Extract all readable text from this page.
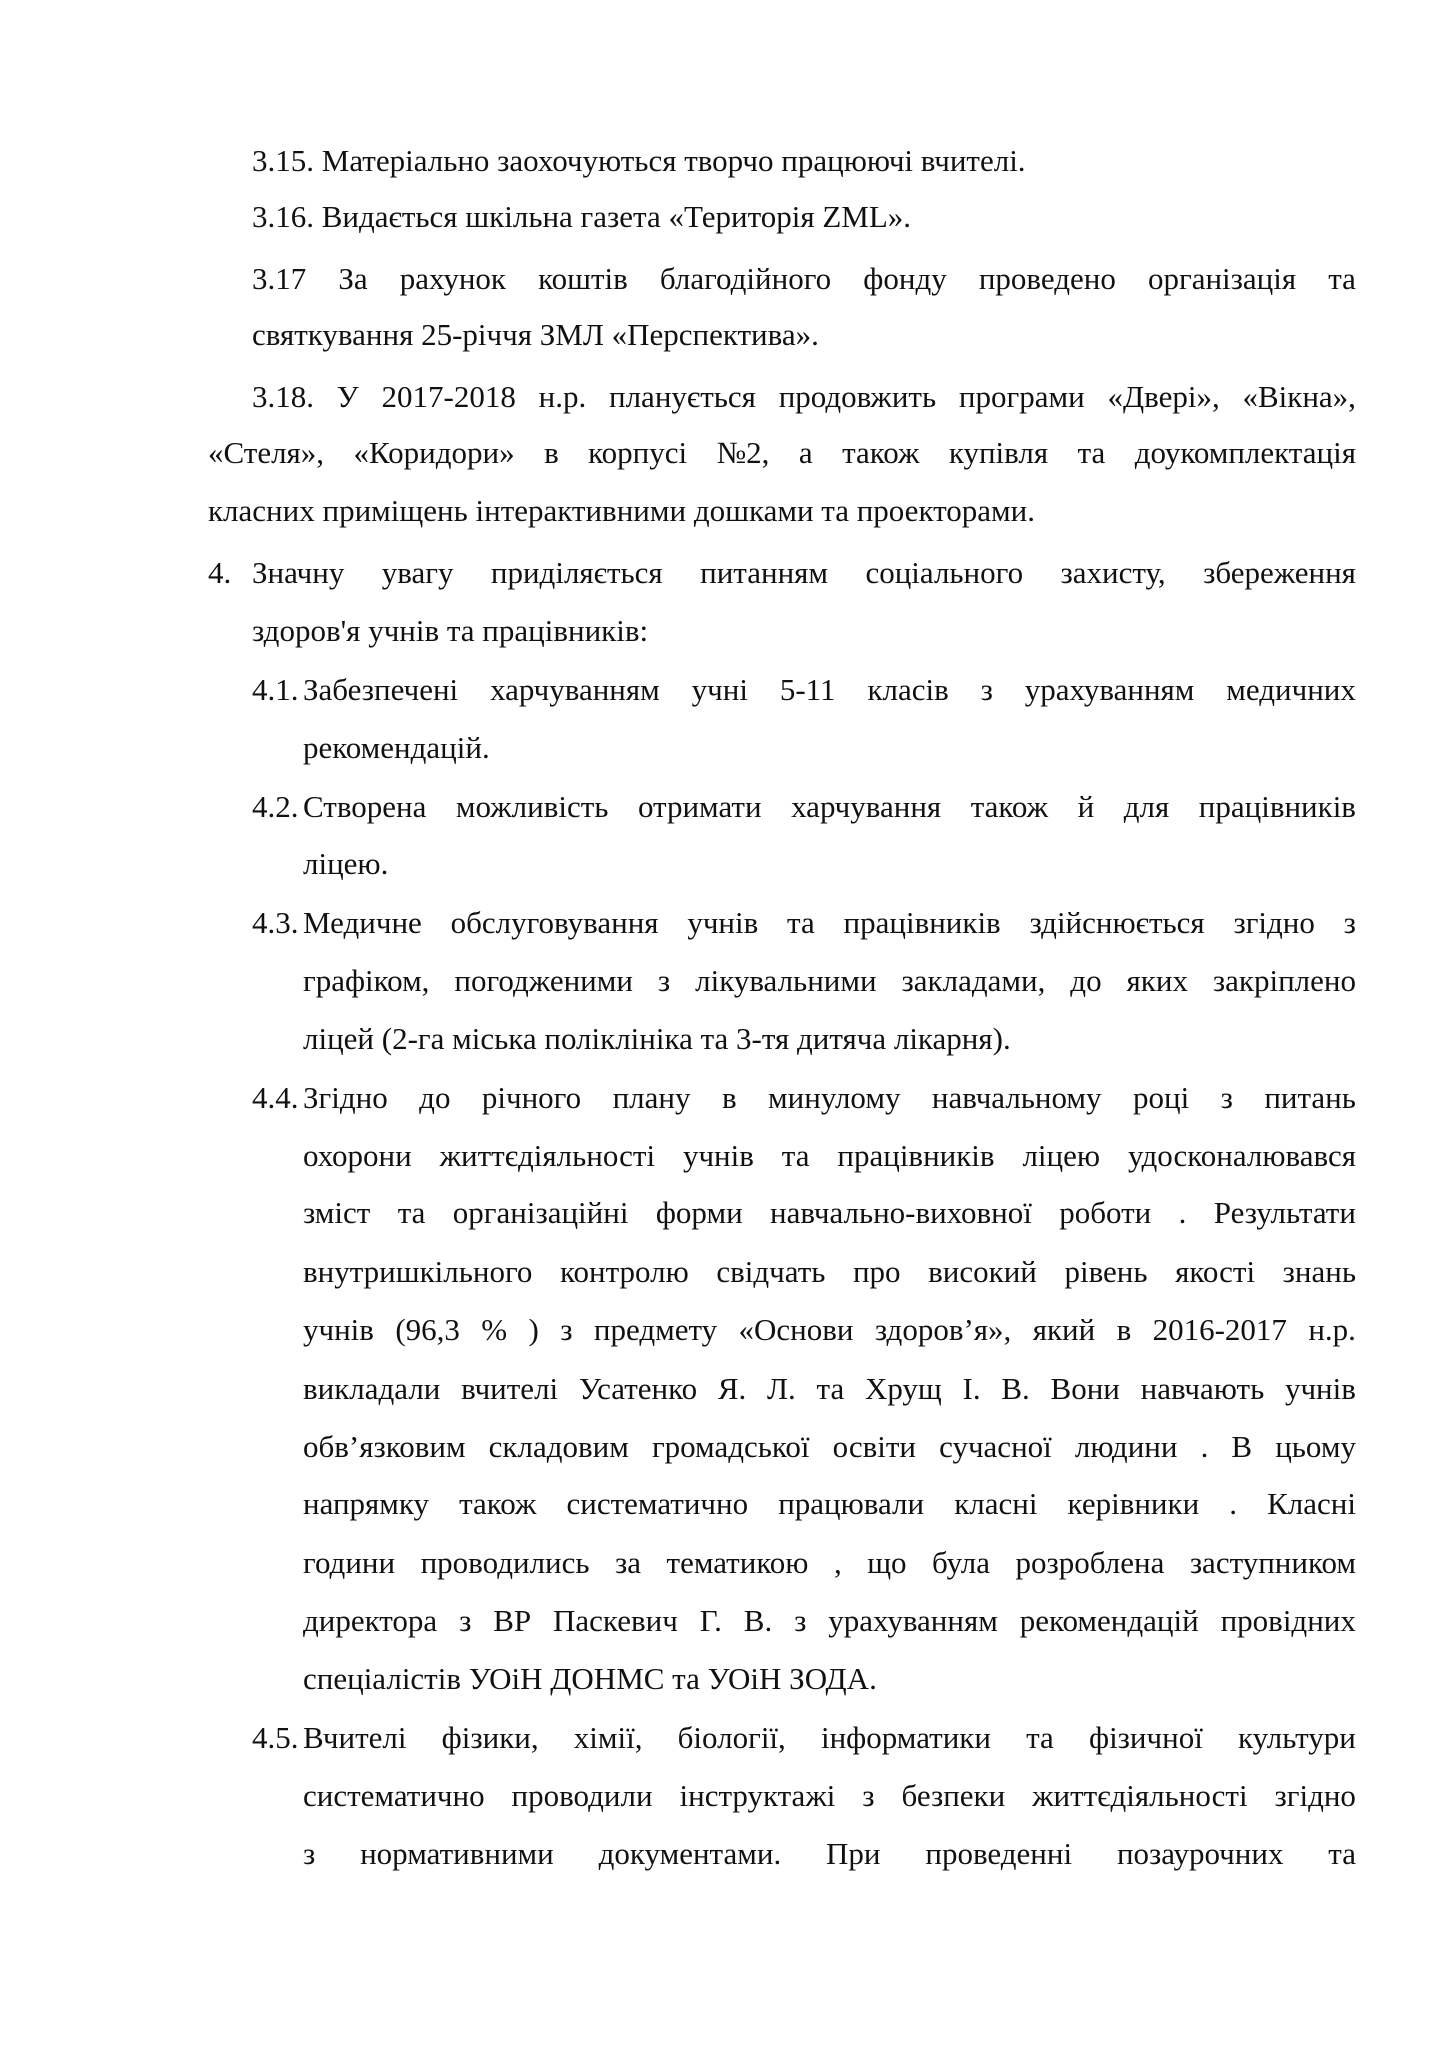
3.15. Матеріально заохочуються творчо працюючі вчителі.
3.16. Видається шкільна газета «Територія ZML».
3.17 За рахунок коштів благодійного фонду проведено організація та
святкування 25-річчя ЗМЛ «Перспектива».
3.18. У 2017-2018 н.р. планується продовжить програми «Двері», «Вікна»,
«Стеля», «Коридори» в корпусі №2, а також купівля та доукомплектація
класних приміщень інтерактивними дошками та проекторами.
4. Значну увагу приділяється питанням соціального захисту, збереження
здоров'я учнів та працівників:
4.1. Забезпечені харчуванням учні 5-11 класів з урахуванням медичних
рекомендацій.
4.2. Створена можливість отримати харчування також й для працівників
ліцею.
4.3. Медичне обслуговування учнів та працівників здійснюється згідно з
графіком, погодженими з лікувальними закладами, до яких закріплено
ліцей (2-га міська поліклініка та 3-тя дитяча лікарня).
4.4. Згідно до річного плану в минулому навчальному році з питань
охорони життєдіяльності учнів та працівників ліцею удосконалювався
зміст та організаційні форми навчально-виховної роботи . Результати
внутришкільного контролю свідчать про високий рівень якості знань
учнів (96,3 % ) з предмету «Основи здоров’я», який в 2016-2017 н.р.
викладали вчителі Усатенко Я. Л. та Хрущ І. В. Вони навчають учнів
обв’язковим складовим громадської освіти сучасної людини . В цьому
напрямку також систематично працювали класні керівники . Класні
години проводились за тематикою , що була розроблена заступником
директора з ВР Паскевич Г. В. з урахуванням рекомендацій провідних
спеціалістів УОіН ДОНМС та УОіН ЗОДА.
4.5. Вчителі фізики, хімії, біології, інформатики та фізичної культури
систематично проводили інструктажі з безпеки життєдіяльності згідно
з нормативними документами. При проведенні позаурочних та
